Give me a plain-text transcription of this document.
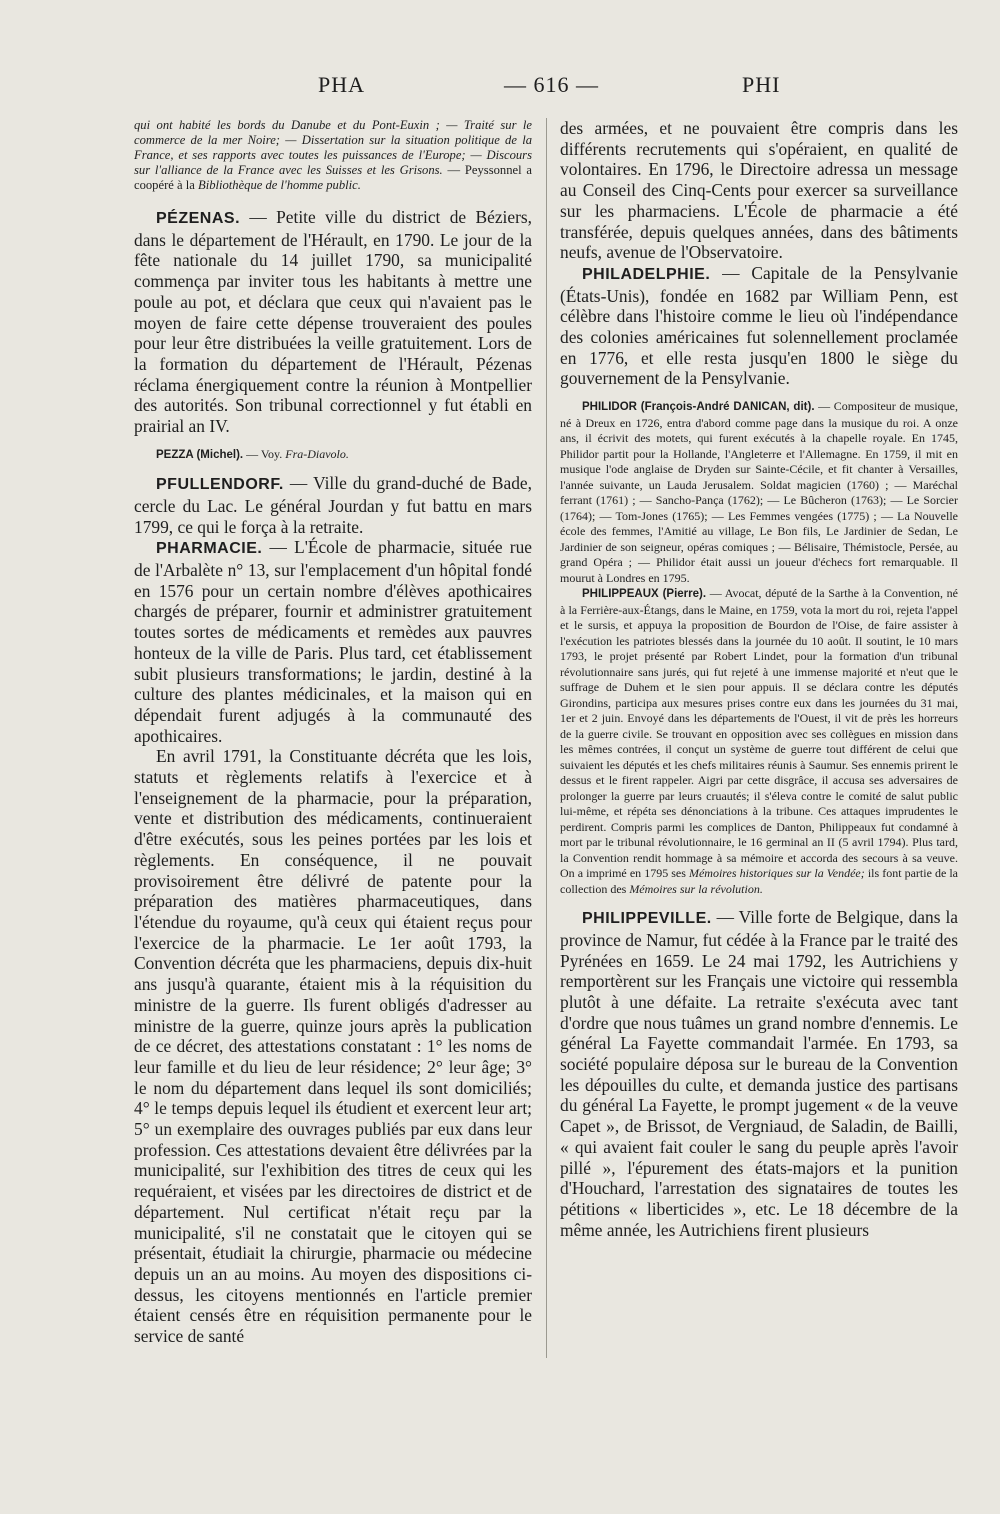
PHA	— 616 —	PHI

qui ont habité les bords du Danube et du Pont-Euxin ; — Traité sur le commerce de la mer Noire; — Dissertation sur la situation politique de la France, et ses rapports avec toutes les puissances de l'Europe; — Discours sur l'alliance de la France avec les Suisses et les Grisons. — Peyssonnel a coopéré à la Bibliothèque de l'homme public.

PÉZENAS. — Petite ville du district de Béziers, dans le département de l'Hérault, en 1790. Le jour de la fête nationale du 14 juillet 1790, sa municipalité commença par inviter tous les habitants à mettre une poule au pot, et déclara que ceux qui n'avaient pas le moyen de faire cette dépense trouveraient des poules pour leur être distribuées la veille gratuitement. Lors de la formation du département de l'Hérault, Pézenas réclama énergiquement contre la réunion à Montpellier des autorités. Son tribunal correctionnel y fut établi en prairial an IV.

PEZZA (Michel). — Voy. Fra-Diavolo.

PFULLENDORF. — Ville du grand-duché de Bade, cercle du Lac. Le général Jourdan y fut battu en mars 1799, ce qui le força à la retraite.

PHARMACIE. — L'École de pharmacie, située rue de l'Arbalète n° 13, sur l'emplacement d'un hôpital fondé en 1576 pour un certain nombre d'élèves apothicaires chargés de préparer, fournir et administrer gratuitement toutes sortes de médicaments et remèdes aux pauvres honteux de la ville de Paris. Plus tard, cet établissement subit plusieurs transformations; le jardin, destiné à la culture des plantes médicinales, et la maison qui en dépendait furent adjugés à la communauté des apothicaires.

En avril 1791, la Constituante décréta que les lois, statuts et règlements relatifs à l'exercice et à l'enseignement de la pharmacie, pour la préparation, vente et distribution des médicaments, continueraient d'être exécutés, sous les peines portées par les lois et règlements. En conséquence, il ne pouvait provisoirement être délivré de patente pour la préparation des matières pharmaceutiques, dans l'étendue du royaume, qu'à ceux qui étaient reçus pour l'exercice de la pharmacie. Le 1er août 1793, la Convention décréta que les pharmaciens, depuis dix-huit ans jusqu'à quarante, étaient mis à la réquisition du ministre de la guerre. Ils furent obligés d'adresser au ministre de la guerre, quinze jours après la publication de ce décret, des attestations constatant : 1° les noms de leur famille et du lieu de leur résidence; 2° leur âge; 3° le nom du département dans lequel ils sont domiciliés; 4° le temps depuis lequel ils étudient et exercent leur art; 5° un exemplaire des ouvrages publiés par eux dans leur profession. Ces attestations devaient être délivrées par la municipalité, sur l'exhibition des titres de ceux qui les requéraient, et visées par les directoires de district et de département. Nul certificat n'était reçu par la municipalité, s'il ne constatait que le citoyen qui se présentait, étudiait la chirurgie, pharmacie ou médecine depuis un an au moins. Au moyen des dispositions ci-dessus, les citoyens mentionnés en l'article premier étaient censés être en réquisition permanente pour le service de santé

des armées, et ne pouvaient être compris dans les différents recrutements qui s'opéraient, en qualité de volontaires. En 1796, le Directoire adressa un message au Conseil des Cinq-Cents pour exercer sa surveillance sur les pharmaciens. L'École de pharmacie a été transférée, depuis quelques années, dans des bâtiments neufs, avenue de l'Observatoire.

PHILADELPHIE. — Capitale de la Pensylvanie (États-Unis), fondée en 1682 par William Penn, est célèbre dans l'histoire comme le lieu où l'indépendance des colonies américaines fut solennellement proclamée en 1776, et elle resta jusqu'en 1800 le siège du gouvernement de la Pensylvanie.

PHILIDOR (François-André DANICAN, dit). — Compositeur de musique, né à Dreux en 1726, entra d'abord comme page dans la musique du roi. A onze ans, il écrivit des motets, qui furent exécutés à la chapelle royale. En 1745, Philidor partit pour la Hollande, l'Angleterre et l'Allemagne. En 1759, il mit en musique l'ode anglaise de Dryden sur Sainte-Cécile, et fit chanter à Versailles, l'année suivante, un Lauda Jerusalem. Soldat magicien (1760) ; — Maréchal ferrant (1761) ; — Sancho-Pança (1762); — Le Bûcheron (1763); — Le Sorcier (1764); — Tom-Jones (1765); — Les Femmes vengées (1775) ; — La Nouvelle école des femmes, l'Amitié au village, Le Bon fils, Le Jardinier de Sedan, Le Jardinier de son seigneur, opéras comiques ; — Bélisaire, Thémistocle, Persée, au grand Opéra ; — Philidor était aussi un joueur d'échecs fort remarquable. Il mourut à Londres en 1795.

PHILIPPEAUX (Pierre). — Avocat, député de la Sarthe à la Convention, né à la Ferrière-aux-Étangs, dans le Maine, en 1759, vota la mort du roi, rejeta l'appel et le sursis, et appuya la proposition de Bourdon de l'Oise, de faire assister à l'exécution les patriotes blessés dans la journée du 10 août. Il soutint, le 10 mars 1793, le projet présenté par Robert Lindet, pour la formation d'un tribunal révolutionnaire sans jurés, qui fut rejeté à une immense majorité et n'eut que le suffrage de Duhem et le sien pour appuis. Il se déclara contre les députés Girondins, participa aux mesures prises contre eux dans les journées du 31 mai, 1er et 2 juin. Envoyé dans les départements de l'Ouest, il vit de près les horreurs de la guerre civile. Se trouvant en opposition avec ses collègues en mission dans les mêmes contrées, il conçut un système de guerre tout différent de celui que suivaient les députés et les chefs militaires réunis à Saumur. Ses ennemis prirent le dessus et le firent rappeler. Aigri par cette disgrâce, il accusa ses adversaires de prolonger la guerre par leurs cruautés; il s'éleva contre le comité de salut public lui-même, et répéta ses dénonciations à la tribune. Ces attaques imprudentes le perdirent. Compris parmi les complices de Danton, Philippeaux fut condamné à mort par le tribunal révolutionnaire, le 16 germinal an II (5 avril 1794). Plus tard, la Convention rendit hommage à sa mémoire et accorda des secours à sa veuve. On a imprimé en 1795 ses Mémoires historiques sur la Vendée; ils font partie de la collection des Mémoires sur la révolution.

PHILIPPEVILLE. — Ville forte de Belgique, dans la province de Namur, fut cédée à la France par le traité des Pyrénées en 1659. Le 24 mai 1792, les Autrichiens y remportèrent sur les Français une victoire qui ressembla plutôt à une défaite. La retraite s'exécuta avec tant d'ordre que nous tuâmes un grand nombre d'ennemis. Le général La Fayette commandait l'armée. En 1793, sa société populaire déposa sur le bureau de la Convention les dépouilles du culte, et demanda justice des partisans du général La Fayette, le prompt jugement « de la veuve Capet », de Brissot, de Vergniaud, de Saladin, de Bailli, « qui avaient fait couler le sang du peuple après l'avoir pillé », l'épurement des états-majors et la punition d'Houchard, l'arrestation des signataires de toutes les pétitions « liberticides », etc. Le 18 décembre de la même année, les Autrichiens firent plusieurs
